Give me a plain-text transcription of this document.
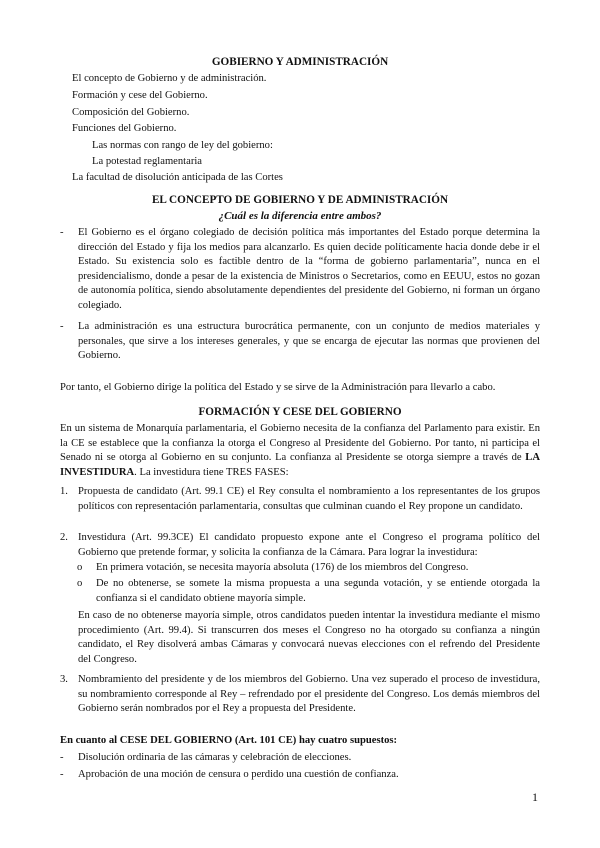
GOBIERNO Y ADMINISTRACIÓN
El concepto de Gobierno y de administración.
Formación y cese del Gobierno.
Composición del Gobierno.
Funciones del Gobierno.
Las normas con rango de ley del gobierno:
La potestad reglamentaria
La facultad de disolución anticipada de las Cortes
EL CONCEPTO DE GOBIERNO Y DE ADMINISTRACIÓN
¿Cuál es la diferencia entre ambos?
- El Gobierno es el órgano colegiado de decisión política más importantes del Estado porque determina la dirección del Estado y fija los medios para alcanzarlo. Es quien decide políticamente hacia donde debe ir el Estado. Su existencia solo es factible dentro de la “forma de gobierno parlamentaria”, nunca en el presidencialismo, donde a pesar de la existencia de Ministros o Secretarios, como en EEUU, estos no gozan de autonomía política, siendo absolutamente dependientes del presidente del Gobierno, ni forman un órgano colegiado.
- La administración es una estructura burocrática permanente, con un conjunto de medios materiales y personales, que sirve a los intereses generales, y que se encarga de ejecutar las normas que provienen del Gobierno.
Por tanto, el Gobierno dirige la política del Estado y se sirve de la Administración para llevarlo a cabo.
FORMACIÓN Y CESE DEL GOBIERNO
En un sistema de Monarquía parlamentaria, el Gobierno necesita de la confianza del Parlamento para existir. En la CE se establece que la confianza la otorga el Congreso al Presidente del Gobierno. Por tanto, ni participa el Senado ni se otorga al Gobierno en su conjunto. La confianza al Presidente se otorga siempre a través de LA INVESTIDURA. La investidura tiene TRES FASES:
1. Propuesta de candidato (Art. 99.1 CE) el Rey consulta el nombramiento a los representantes de los grupos políticos con representación parlamentaria, consultas que culminan cuando el Rey propone un candidato.
2. Investidura (Art. 99.3CE) El candidato propuesto expone ante el Congreso el programa político del Gobierno que pretende formar, y solicita la confianza de la Cámara. Para lograr la investidura:
o En primera votación, se necesita mayoría absoluta (176) de los miembros del Congreso.
o De no obtenerse, se somete la misma propuesta a una segunda votación, y se entiende otorgada la confianza si el candidato obtiene mayoría simple.
En caso de no obtenerse mayoría simple, otros candidatos pueden intentar la investidura mediante el mismo procedimiento (Art. 99.4). Si transcurren dos meses el Congreso no ha otorgado su confianza a ningún candidato, el Rey disolverá ambas Cámaras y convocará nuevas elecciones con el refrendo del Presidente del Congreso.
3. Nombramiento del presidente y de los miembros del Gobierno. Una vez superado el proceso de investidura, su nombramiento corresponde al Rey – refrendado por el presidente del Congreso. Los demás miembros del Gobierno serán nombrados por el Rey a propuesta del Presidente.
En cuanto al CESE DEL GOBIERNO (Art. 101 CE) hay cuatro supuestos:
- Disolución ordinaria de las cámaras y celebración de elecciones.
- Aprobación de una moción de censura o perdido una cuestión de confianza.
1
